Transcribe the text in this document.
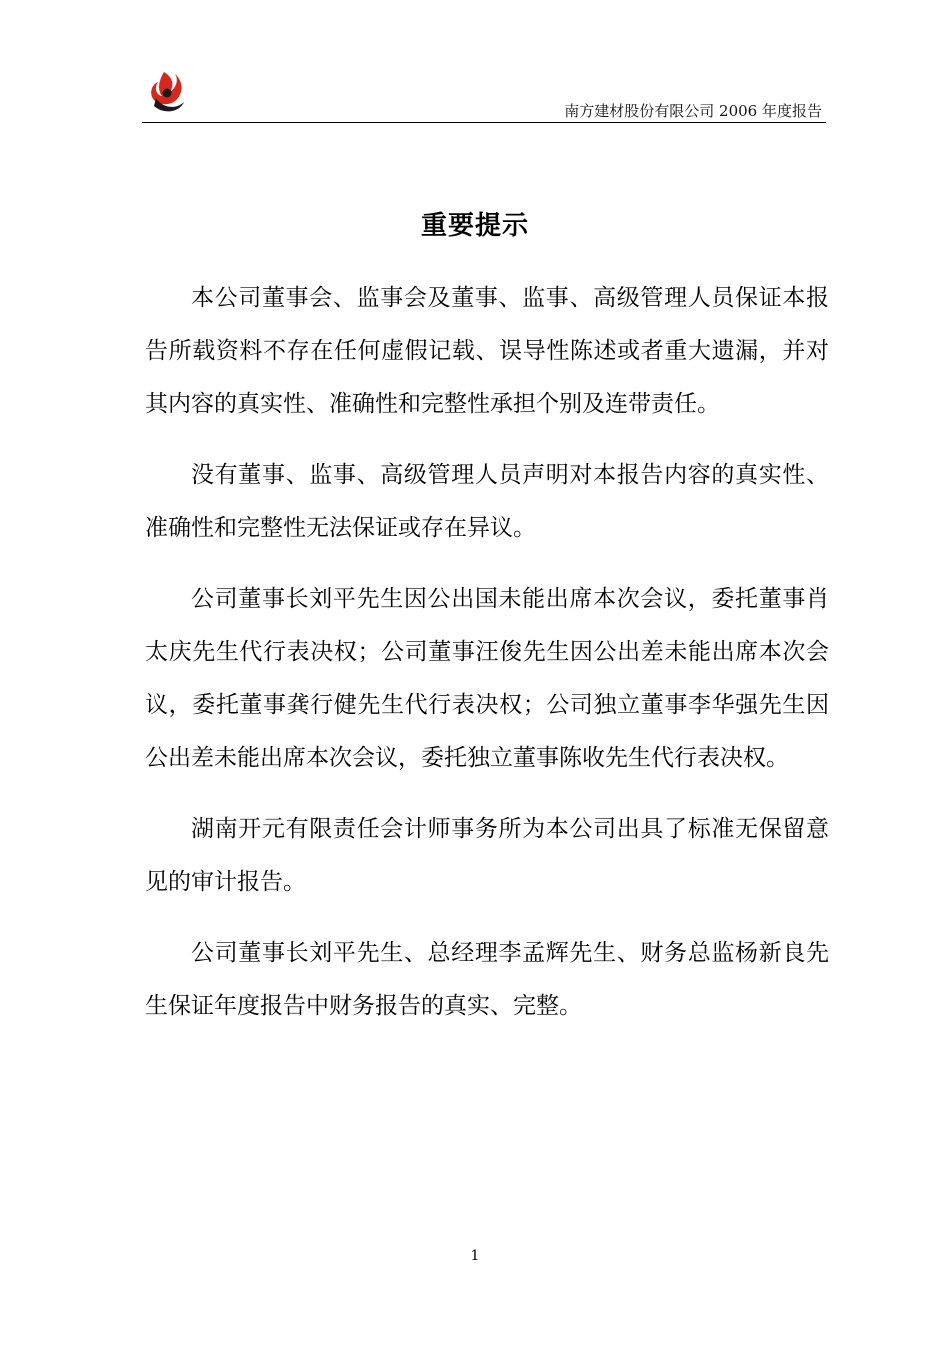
南方建材股份有限公司 2006 年度报告
重要提示

本公司董事会、监事会及董事、监事、高级管理人员保证本报告所载资料不存在任何虚假记载、误导性陈述或者重大遗漏，并对其内容的真实性、准确性和完整性承担个别及连带责任。

没有董事、监事、高级管理人员声明对本报告内容的真实性、准确性和完整性无法保证或存在异议。

公司董事长刘平先生因公出国未能出席本次会议，委托董事肖太庆先生代行表决权；公司董事汪俊先生因公出差未能出席本次会议，委托董事龚行健先生代行表决权；公司独立董事李华强先生因公出差未能出席本次会议，委托独立董事陈收先生代行表决权。

湖南开元有限责任会计师事务所为本公司出具了标准无保留意见的审计报告。

公司董事长刘平先生、总经理李孟辉先生、财务总监杨新良先生保证年度报告中财务报告的真实、完整。

1
